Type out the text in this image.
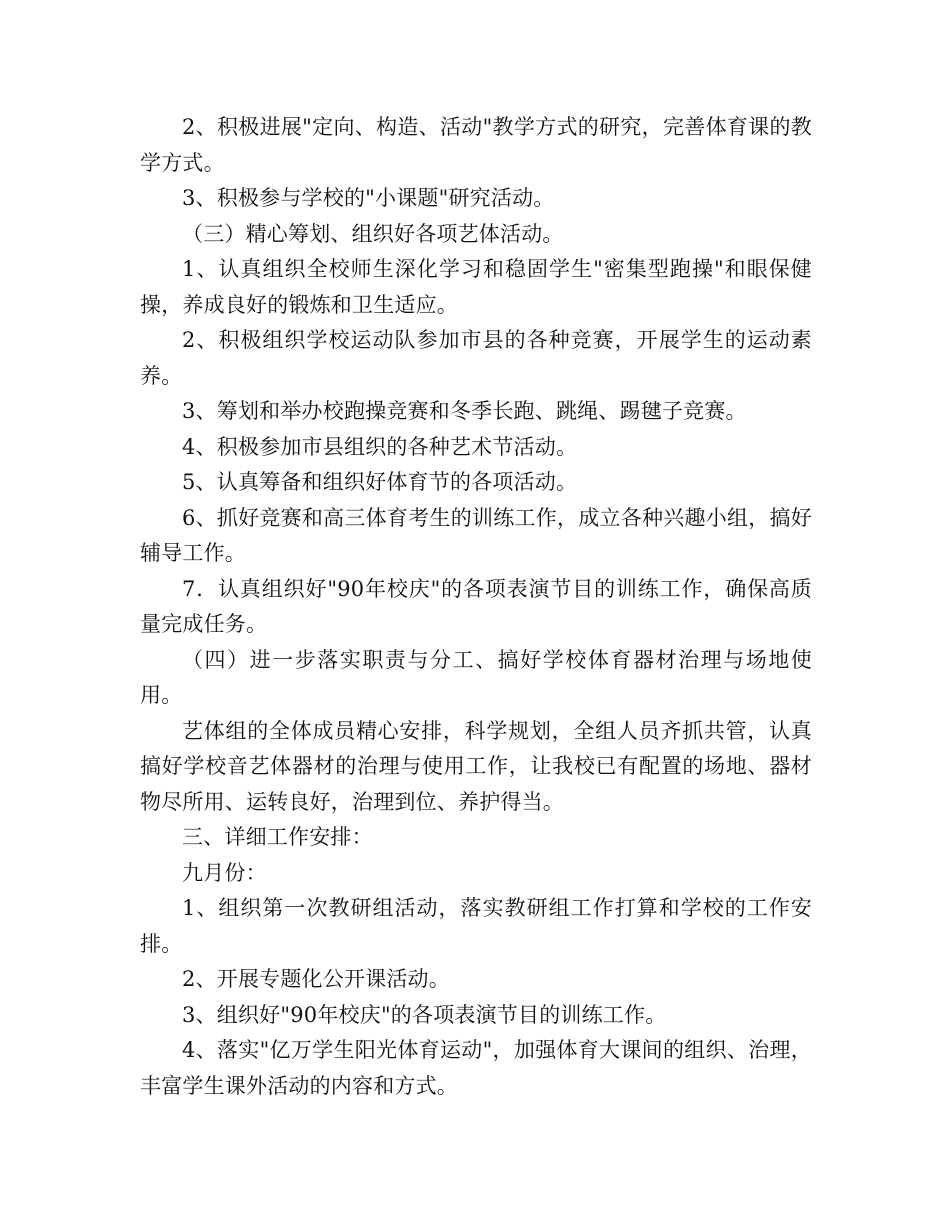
2、积极进展"定向、构造、活动"教学方式的研究，完善体育课的教学方式。

3、积极参与学校的"小课题"研究活动。

（三）精心筹划、组织好各项艺体活动。

1、认真组织全校师生深化学习和稳固学生"密集型跑操"和眼保健操，养成良好的锻炼和卫生适应。

2、积极组织学校运动队参加市县的各种竞赛，开展学生的运动素养。

3、筹划和举办校跑操竞赛和冬季长跑、跳绳、踢毽子竞赛。

4、积极参加市县组织的各种艺术节活动。

5、认真筹备和组织好体育节的各项活动。

6、抓好竞赛和高三体育考生的训练工作，成立各种兴趣小组，搞好辅导工作。

7．认真组织好"90年校庆"的各项表演节目的训练工作，确保高质量完成任务。

（四）进一步落实职责与分工、搞好学校体育器材治理与场地使用。

艺体组的全体成员精心安排，科学规划，全组人员齐抓共管，认真搞好学校音艺体器材的治理与使用工作，让我校已有配置的场地、器材物尽所用、运转良好，治理到位、养护得当。

三、详细工作安排：

九月份：

1、组织第一次教研组活动，落实教研组工作打算和学校的工作安排。

2、开展专题化公开课活动。

3、组织好"90年校庆"的各项表演节目的训练工作。

4、落实"亿万学生阳光体育运动"，加强体育大课间的组织、治理，丰富学生课外活动的内容和方式。
